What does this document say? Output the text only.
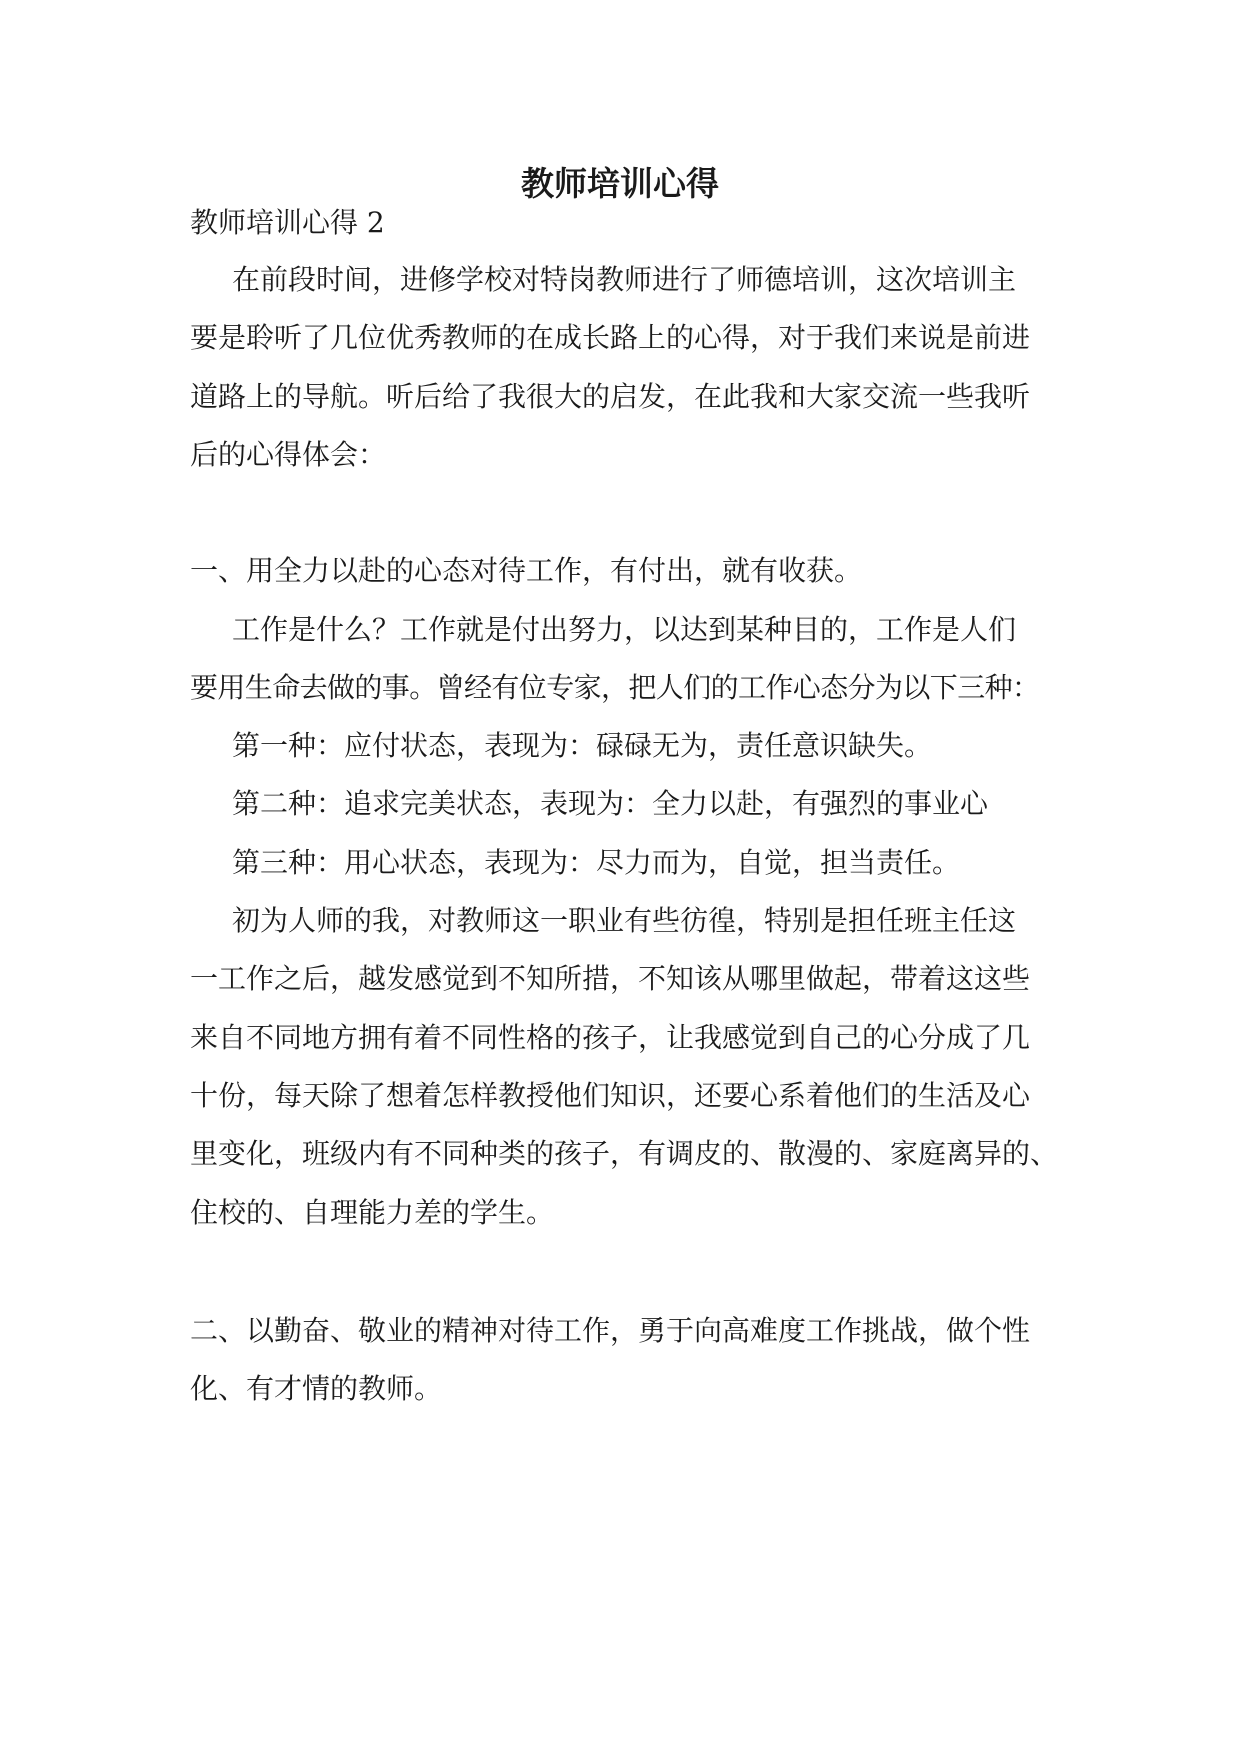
教师培训心得
教师培训心得 2
在前段时间，进修学校对特岗教师进行了师德培训，这次培训主
要是聆听了几位优秀教师的在成长路上的心得，对于我们来说是前进
道路上的导航。听后给了我很大的启发，在此我和大家交流一些我听
后的心得体会：
一、用全力以赴的心态对待工作，有付出，就有收获。
工作是什么？工作就是付出努力，以达到某种目的，工作是人们
要用生命去做的事。曾经有位专家，把人们的工作心态分为以下三种：
第一种：应付状态，表现为：碌碌无为，责任意识缺失。
第二种：追求完美状态，表现为：全力以赴，有强烈的事业心
第三种：用心状态，表现为：尽力而为，自觉，担当责任。
初为人师的我，对教师这一职业有些彷徨，特别是担任班主任这
一工作之后，越发感觉到不知所措，不知该从哪里做起，带着这这些
来自不同地方拥有着不同性格的孩子，让我感觉到自己的心分成了几
十份，每天除了想着怎样教授他们知识，还要心系着他们的生活及心
里变化，班级内有不同种类的孩子，有调皮的、散漫的、家庭离异的、
住校的、自理能力差的学生。
二、以勤奋、敬业的精神对待工作，勇于向高难度工作挑战，做个性
化、有才情的教师。
